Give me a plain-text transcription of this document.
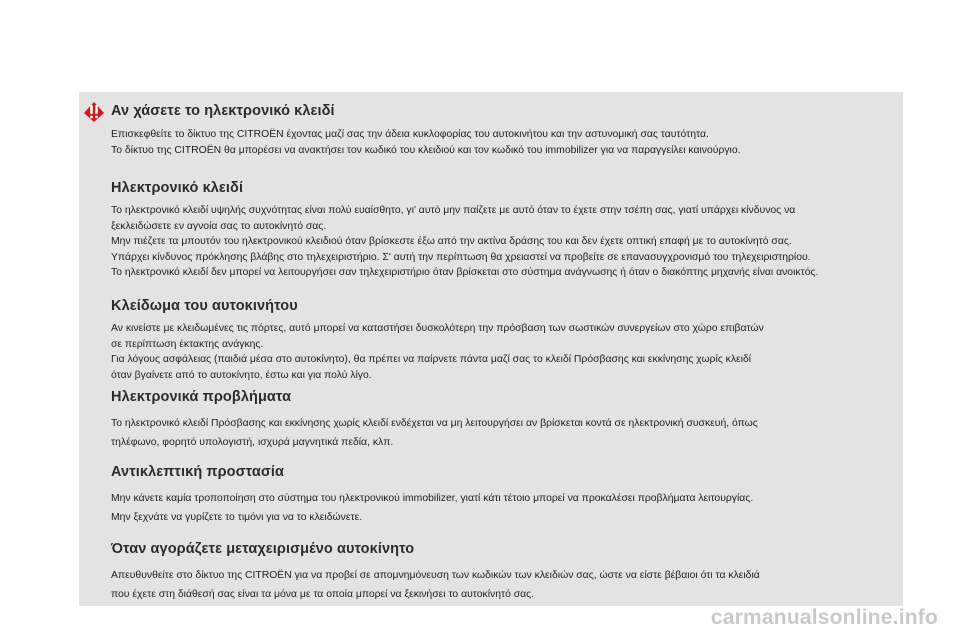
Αν χάσετε το ηλεκτρονικό κλειδί
Επισκεφθείτε το δίκτυο της CITROËN έχοντας μαζί σας την άδεια κυκλοφορίας του αυτοκινήτου και την αστυνομική σας ταυτότητα.
Το δίκτυο της CITROËN θα μπορέσει να ανακτήσει τον κωδικό του κλειδιού και τον κωδικό του immobilizer για να παραγγείλει καινούργιο.
Ηλεκτρονικό κλειδί
Το ηλεκτρονικό κλειδί υψηλής συχνότητας είναι πολύ ευαίσθητο, γι' αυτό μην παίζετε με αυτό όταν το έχετε στην τσέπη σας, γιατί υπάρχει κίνδυνος να
ξεκλειδώσετε εν αγνοία σας το αυτοκίνητό σας.
Μην πιέζετε τα μπουτόν του ηλεκτρονικού κλειδιού όταν βρίσκεστε έξω από την ακτίνα δράσης του και δεν έχετε οπτική επαφή με το αυτοκίνητό σας.
Υπάρχει κίνδυνος πρόκλησης βλάβης στο τηλεχειριστήριο. Σ' αυτή την περίπτωση θα χρειαστεί να προβείτε σε επανασυγχρονισμό του τηλεχειριστηρίου.
Το ηλεκτρονικό κλειδί δεν μπορεί να λειτουργήσει σαν τηλεχειριστήριο όταν βρίσκεται στο σύστημα ανάγνωσης ή όταν ο διακόπτης μηχανής είναι ανοικτός.
Κλείδωμα του αυτοκινήτου
Αν κινείστε με κλειδωμένες τις πόρτες, αυτό μπορεί να καταστήσει δυσκολότερη την πρόσβαση των σωστικών συνεργείων στο χώρο επιβατών
σε περίπτωση έκτακτης ανάγκης.
Για λόγους ασφάλειας (παιδιά μέσα στο αυτοκίνητο), θα πρέπει να παίρνετε πάντα μαζί σας το κλειδί Πρόσβασης και εκκίνησης χωρίς κλειδί
όταν βγαίνετε από το αυτοκίνητο, έστω και για πολύ λίγο.
Ηλεκτρονικά προβλήματα
Το ηλεκτρονικό κλειδί Πρόσβασης και εκκίνησης χωρίς κλειδί ενδέχεται να μη λειτουργήσει αν βρίσκεται κοντά σε ηλεκτρονική συσκευή, όπως
τηλέφωνο, φορητό υπολογιστή, ισχυρά μαγνητικά πεδία, κλπ.
Αντικλεπτική προστασία
Μην κάνετε καμία τροποποίηση στο σύστημα του ηλεκτρονικού immobilizer, γιατί κάτι τέτοιο μπορεί να προκαλέσει προβλήματα λειτουργίας.
Μην ξεχνάτε να γυρίζετε το τιμόνι για να το κλειδώνετε.
Όταν αγοράζετε μεταχειρισμένο αυτοκίνητο
Απευθυνθείτε στο δίκτυο της CITROËN για να προβεί σε απομνημόνευση των κωδικών των κλειδιών σας, ώστε να είστε βέβαιοι ότι τα κλειδιά
που έχετε στη διάθεσή σας είναι τα μόνα με τα οποία μπορεί να ξεκινήσει το αυτοκίνητό σας.
carmanualsonline.info
